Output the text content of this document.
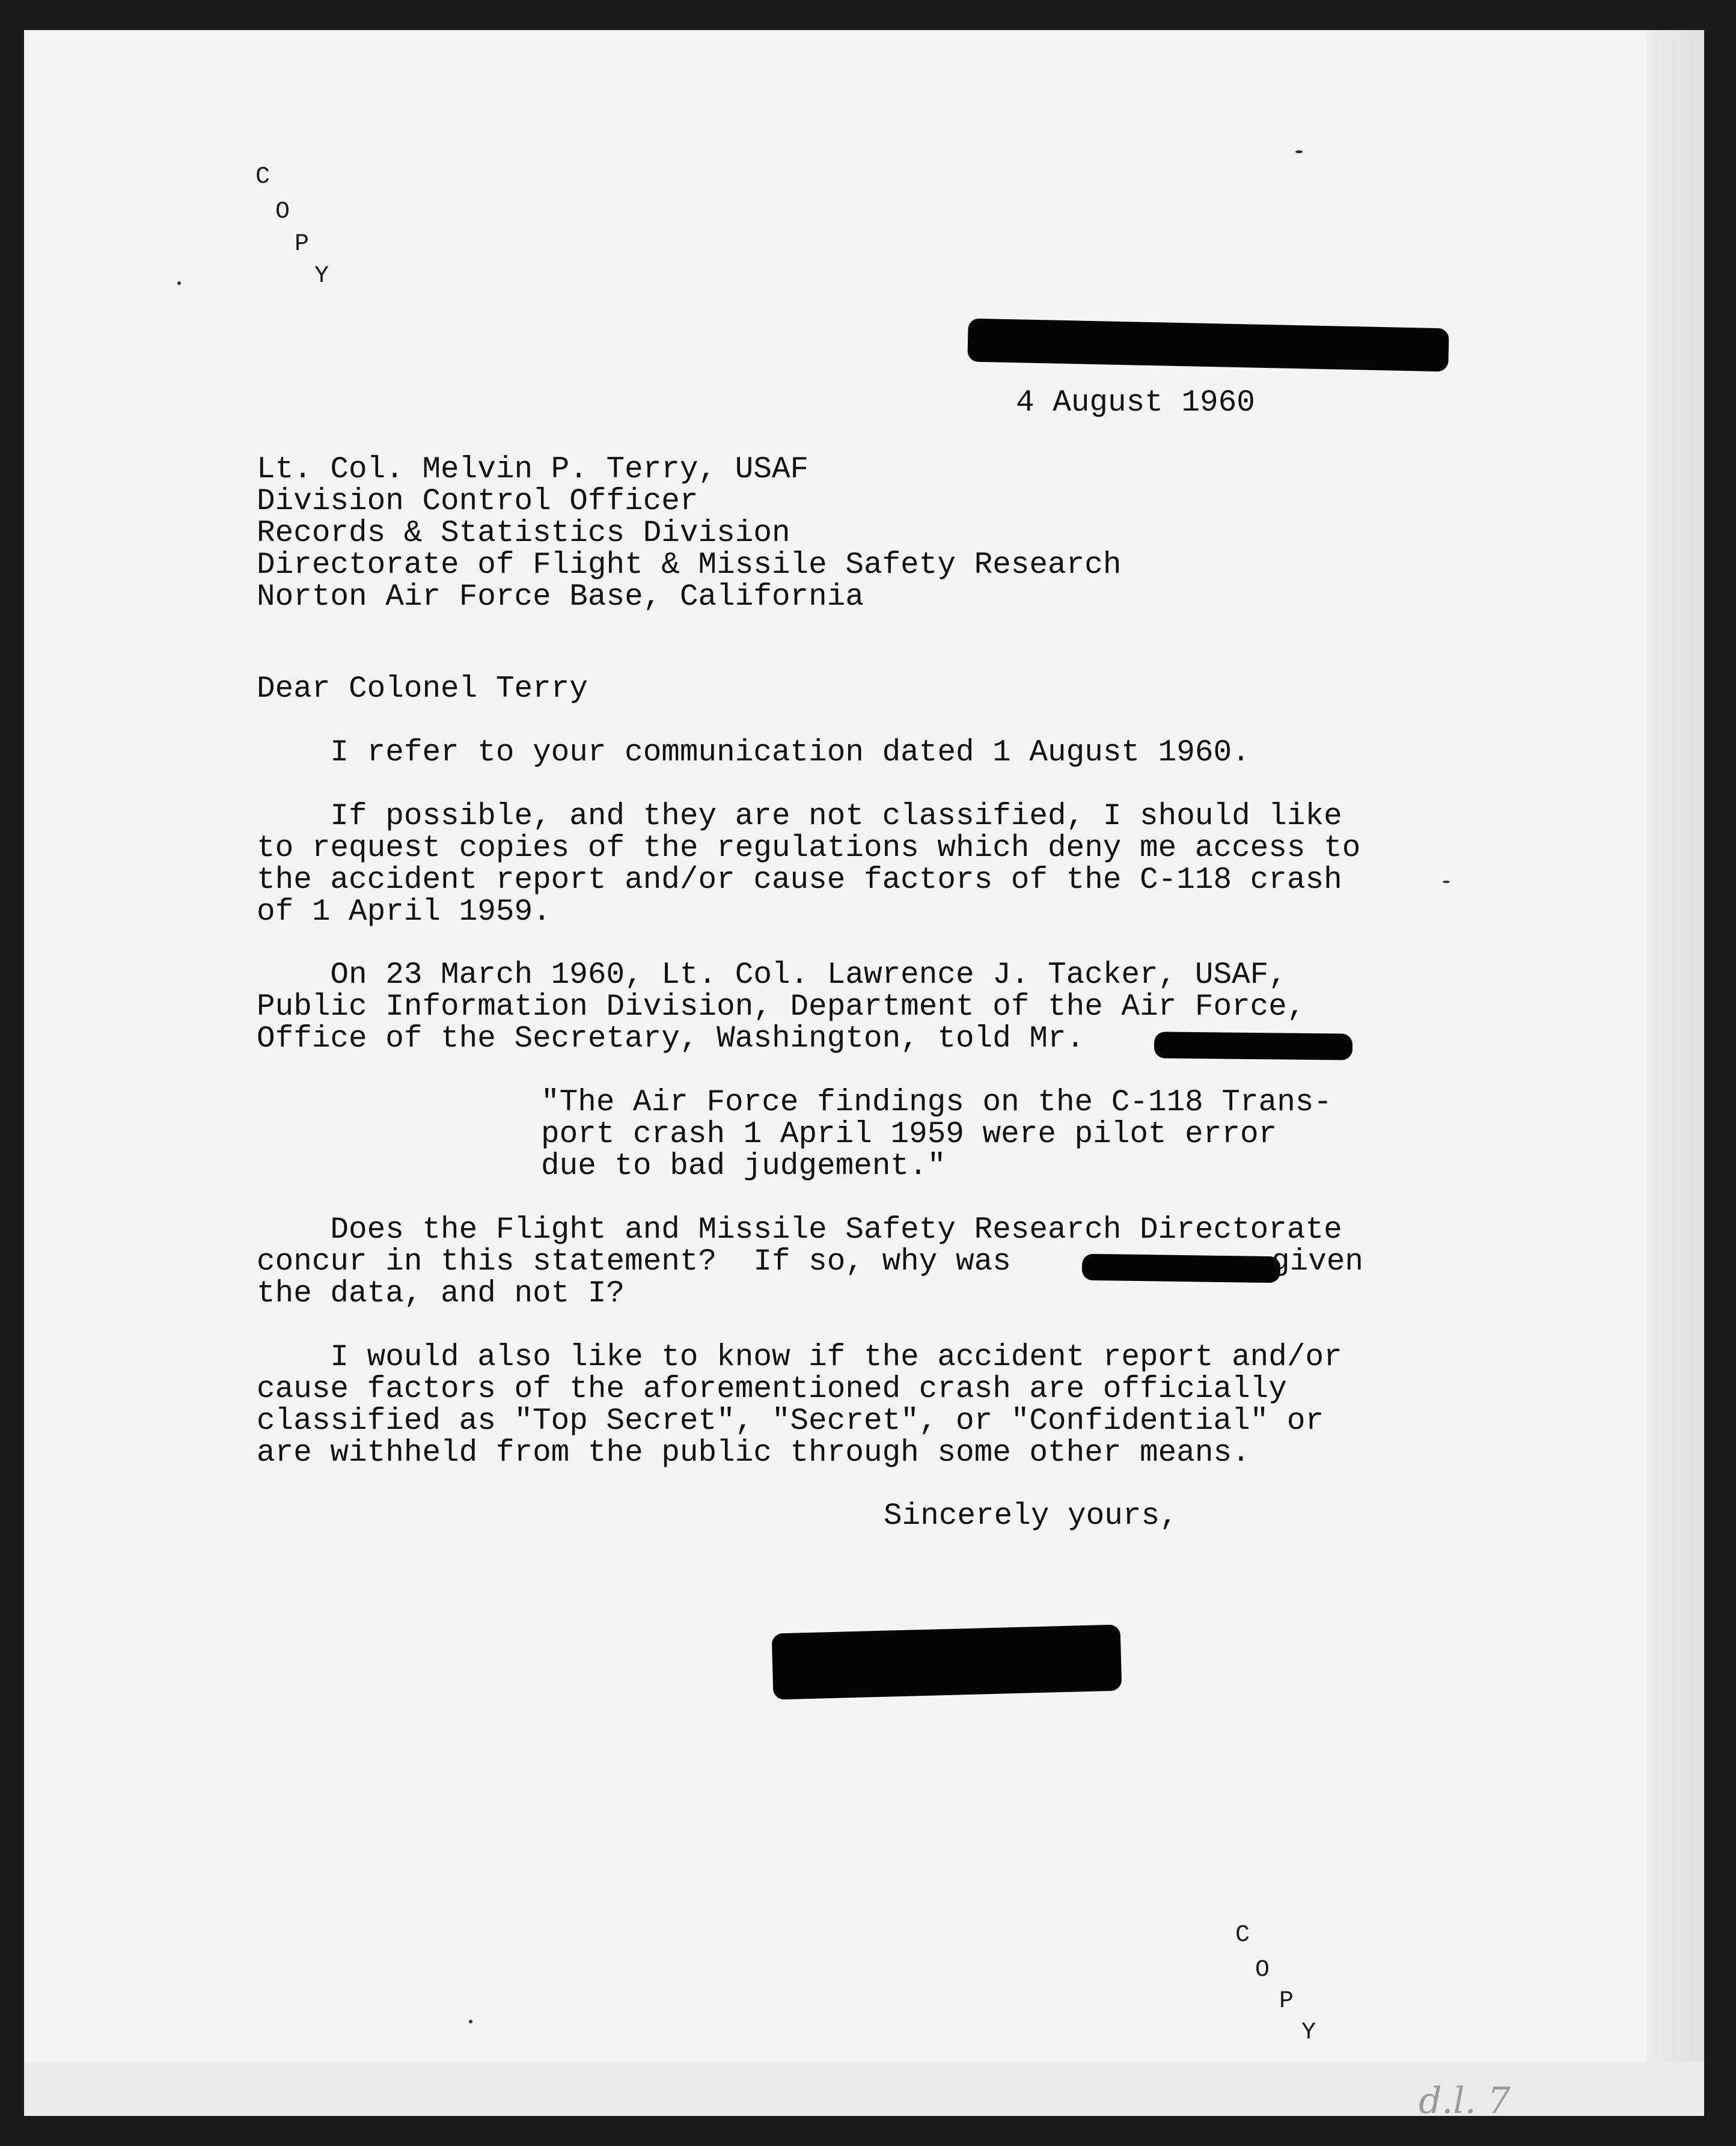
C
O
P
Y
4 August 1960
Lt. Col. Melvin P. Terry, USAF
Division Control Officer
Records & Statistics Division
Directorate of Flight & Missile Safety Research
Norton Air Force Base, California
Dear Colonel Terry
I refer to your communication dated 1 August 1960.
If possible, and they are not classified, I should like
to request copies of the regulations which deny me access to
the accident report and/or cause factors of the C-118 crash
of 1 April 1959.
On 23 March 1960, Lt. Col. Lawrence J. Tacker, USAF,
Public Information Division, Department of the Air Force,
Office of the Secretary, Washington, told Mr.
"The Air Force findings on the C-118 Trans-
port crash 1 April 1959 were pilot error
due to bad judgement."
Does the Flight and Missile Safety Research Directorate
concur in this statement?  If so, why was	given
the data, and not I?
I would also like to know if the accident report and/or
cause factors of the aforementioned crash are officially
classified as "Top Secret", "Secret", or "Confidential" or
are withheld from the public through some other means.
Sincerely yours,
C
O
P
Y
d.l. 7
